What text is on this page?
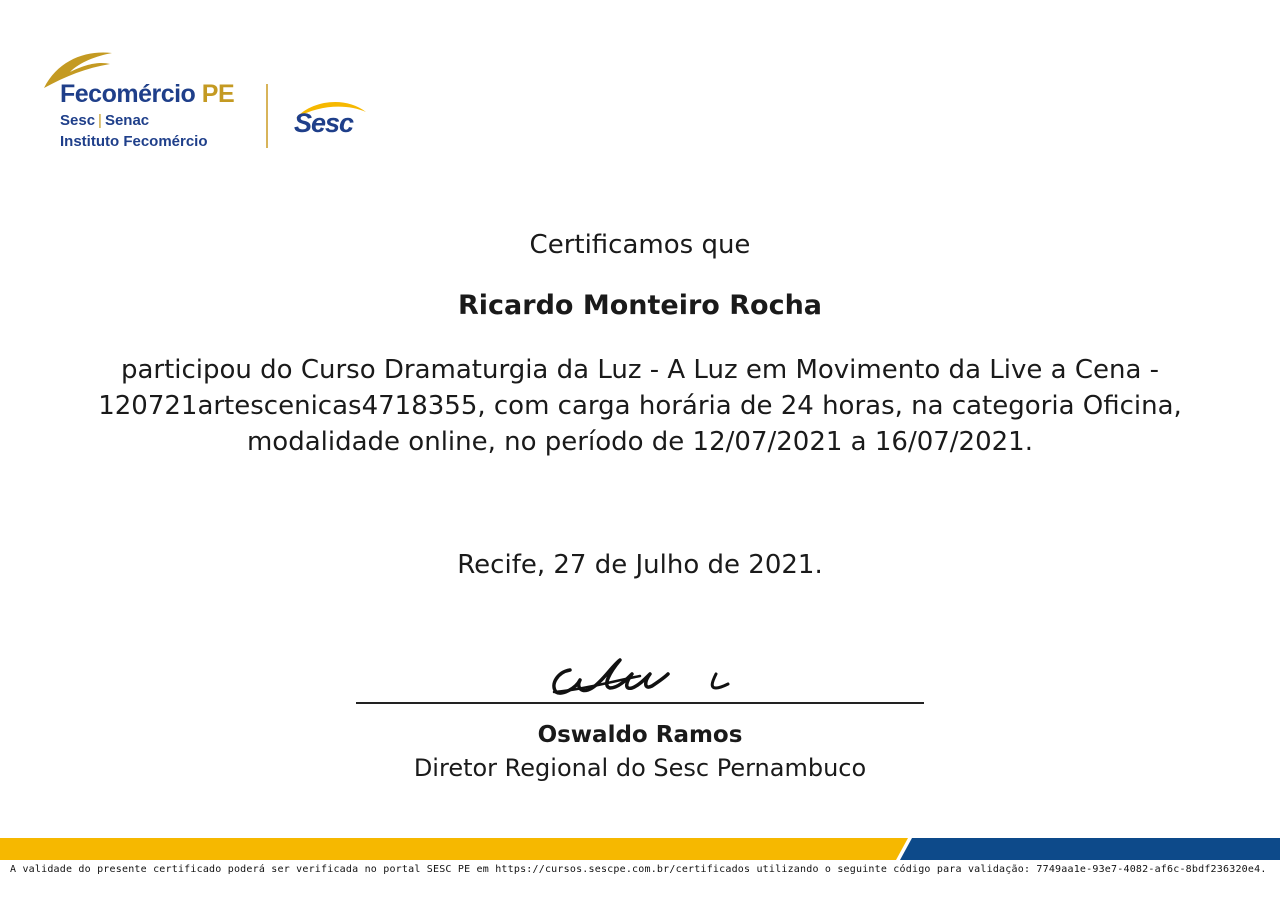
Fecomércio PE
Sesc | Senac
Instituto Fecomércio
Sesc
Certificamos que
Ricardo Monteiro Rocha
participou do Curso Dramaturgia da Luz - A Luz em Movimento da Live a Cena - 120721artescenicas4718355, com carga horária de 24 horas, na categoria Oficina, modalidade online, no período de 12/07/2021 a 16/07/2021.
Recife, 27 de Julho de 2021.
Oswaldo Ramos
Diretor Regional do Sesc Pernambuco
A validade do presente certificado poderá ser verificada no portal SESC PE em https://cursos.sescpe.com.br/certificados utilizando o seguinte código para validação: 7749aa1e-93e7-4082-af6c-8bdf236320e4.
